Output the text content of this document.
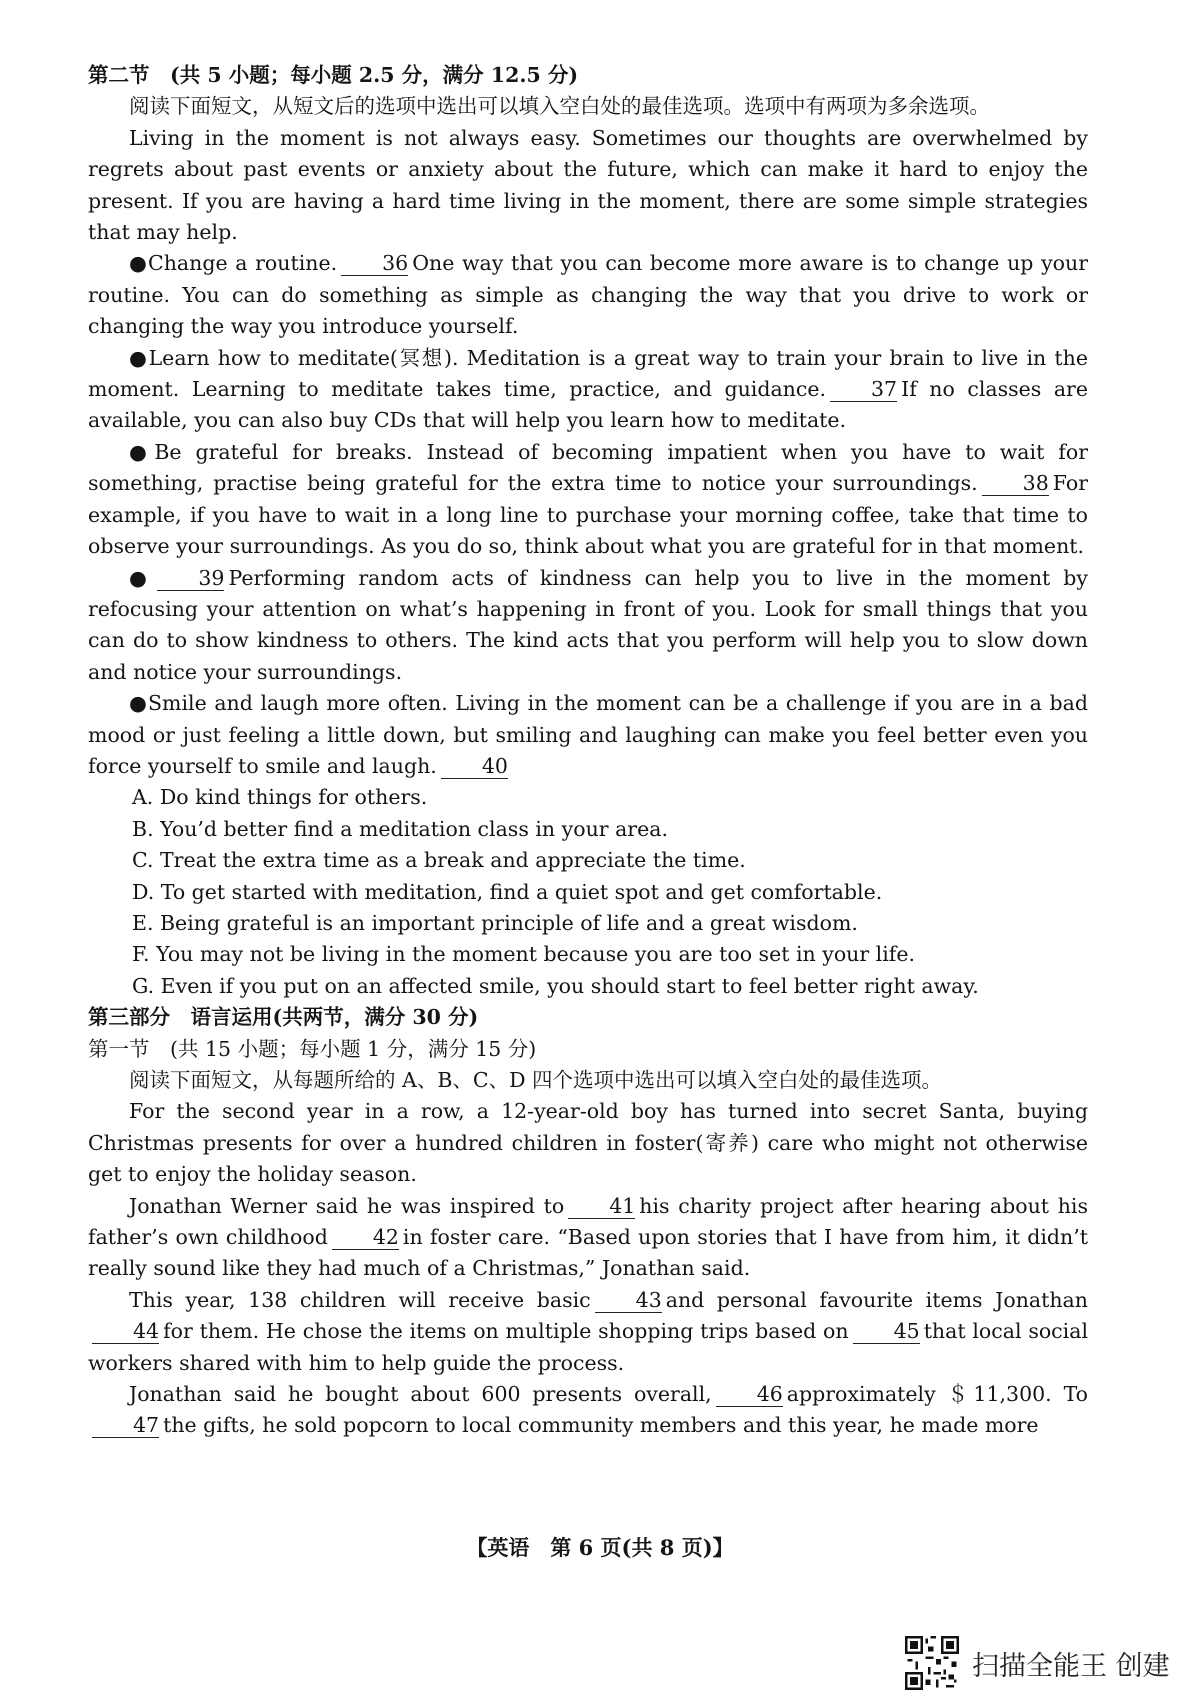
第二节　(共 5 小题；每小题 2.5 分，满分 12.5 分)

阅读下面短文，从短文后的选项中选出可以填入空白处的最佳选项。选项中有两项为多余选项。

Living in the moment is not always easy. Sometimes our thoughts are overwhelmed by regrets about past events or anxiety about the future, which can make it hard to enjoy the present. If you are having a hard time living in the moment, there are some simple strategies that may help.

●Change a routine. 36 One way that you can become more aware is to change up your routine. You can do something as simple as changing the way that you drive to work or changing the way you introduce yourself.

●Learn how to meditate(冥想). Meditation is a great way to train your brain to live in the moment. Learning to meditate takes time, practice, and guidance. 37 If no classes are available, you can also buy CDs that will help you learn how to meditate.

●Be grateful for breaks. Instead of becoming impatient when you have to wait for something, practise being grateful for the extra time to notice your surroundings. 38 For example, if you have to wait in a long line to purchase your morning coffee, take that time to observe your surroundings. As you do so, think about what you are grateful for in that moment.

● 39 Performing random acts of kindness can help you to live in the moment by refocusing your attention on what’s happening in front of you. Look for small things that you can do to show kindness to others. The kind acts that you perform will help you to slow down and notice your surroundings.

●Smile and laugh more often. Living in the moment can be a challenge if you are in a bad mood or just feeling a little down, but smiling and laughing can make you feel better even you force yourself to smile and laugh. 40

A. Do kind things for others.

B. You’d better find a meditation class in your area.

C. Treat the extra time as a break and appreciate the time.

D. To get started with meditation, find a quiet spot and get comfortable.

E. Being grateful is an important principle of life and a great wisdom.

F. You may not be living in the moment because you are too set in your life.

G. Even if you put on an affected smile, you should start to feel better right away.

第三部分　语言运用(共两节，满分 30 分)

第一节　(共 15 小题；每小题 1 分，满分 15 分)

阅读下面短文，从每题所给的 A、B、C、D 四个选项中选出可以填入空白处的最佳选项。

For the second year in a row, a 12-year-old boy has turned into secret Santa, buying Christmas presents for over a hundred children in foster(寄养) care who might not otherwise get to enjoy the holiday season.

Jonathan Werner said he was inspired to 41 his charity project after hearing about his father’s own childhood 42 in foster care. “Based upon stories that I have from him, it didn’t really sound like they had much of a Christmas,” Jonathan said.

This year, 138 children will receive basic 43 and personal favourite items Jonathan44 for them. He chose the items on multiple shopping trips based on 45 that local social workers shared with him to help guide the process.

Jonathan said he bought about 600 presents overall, 46 approximately ＄11,300. To47 the gifts, he sold popcorn to local community members and this year, he made more

【英语　第 6 页(共 8 页)】
扫描全能王 创建
